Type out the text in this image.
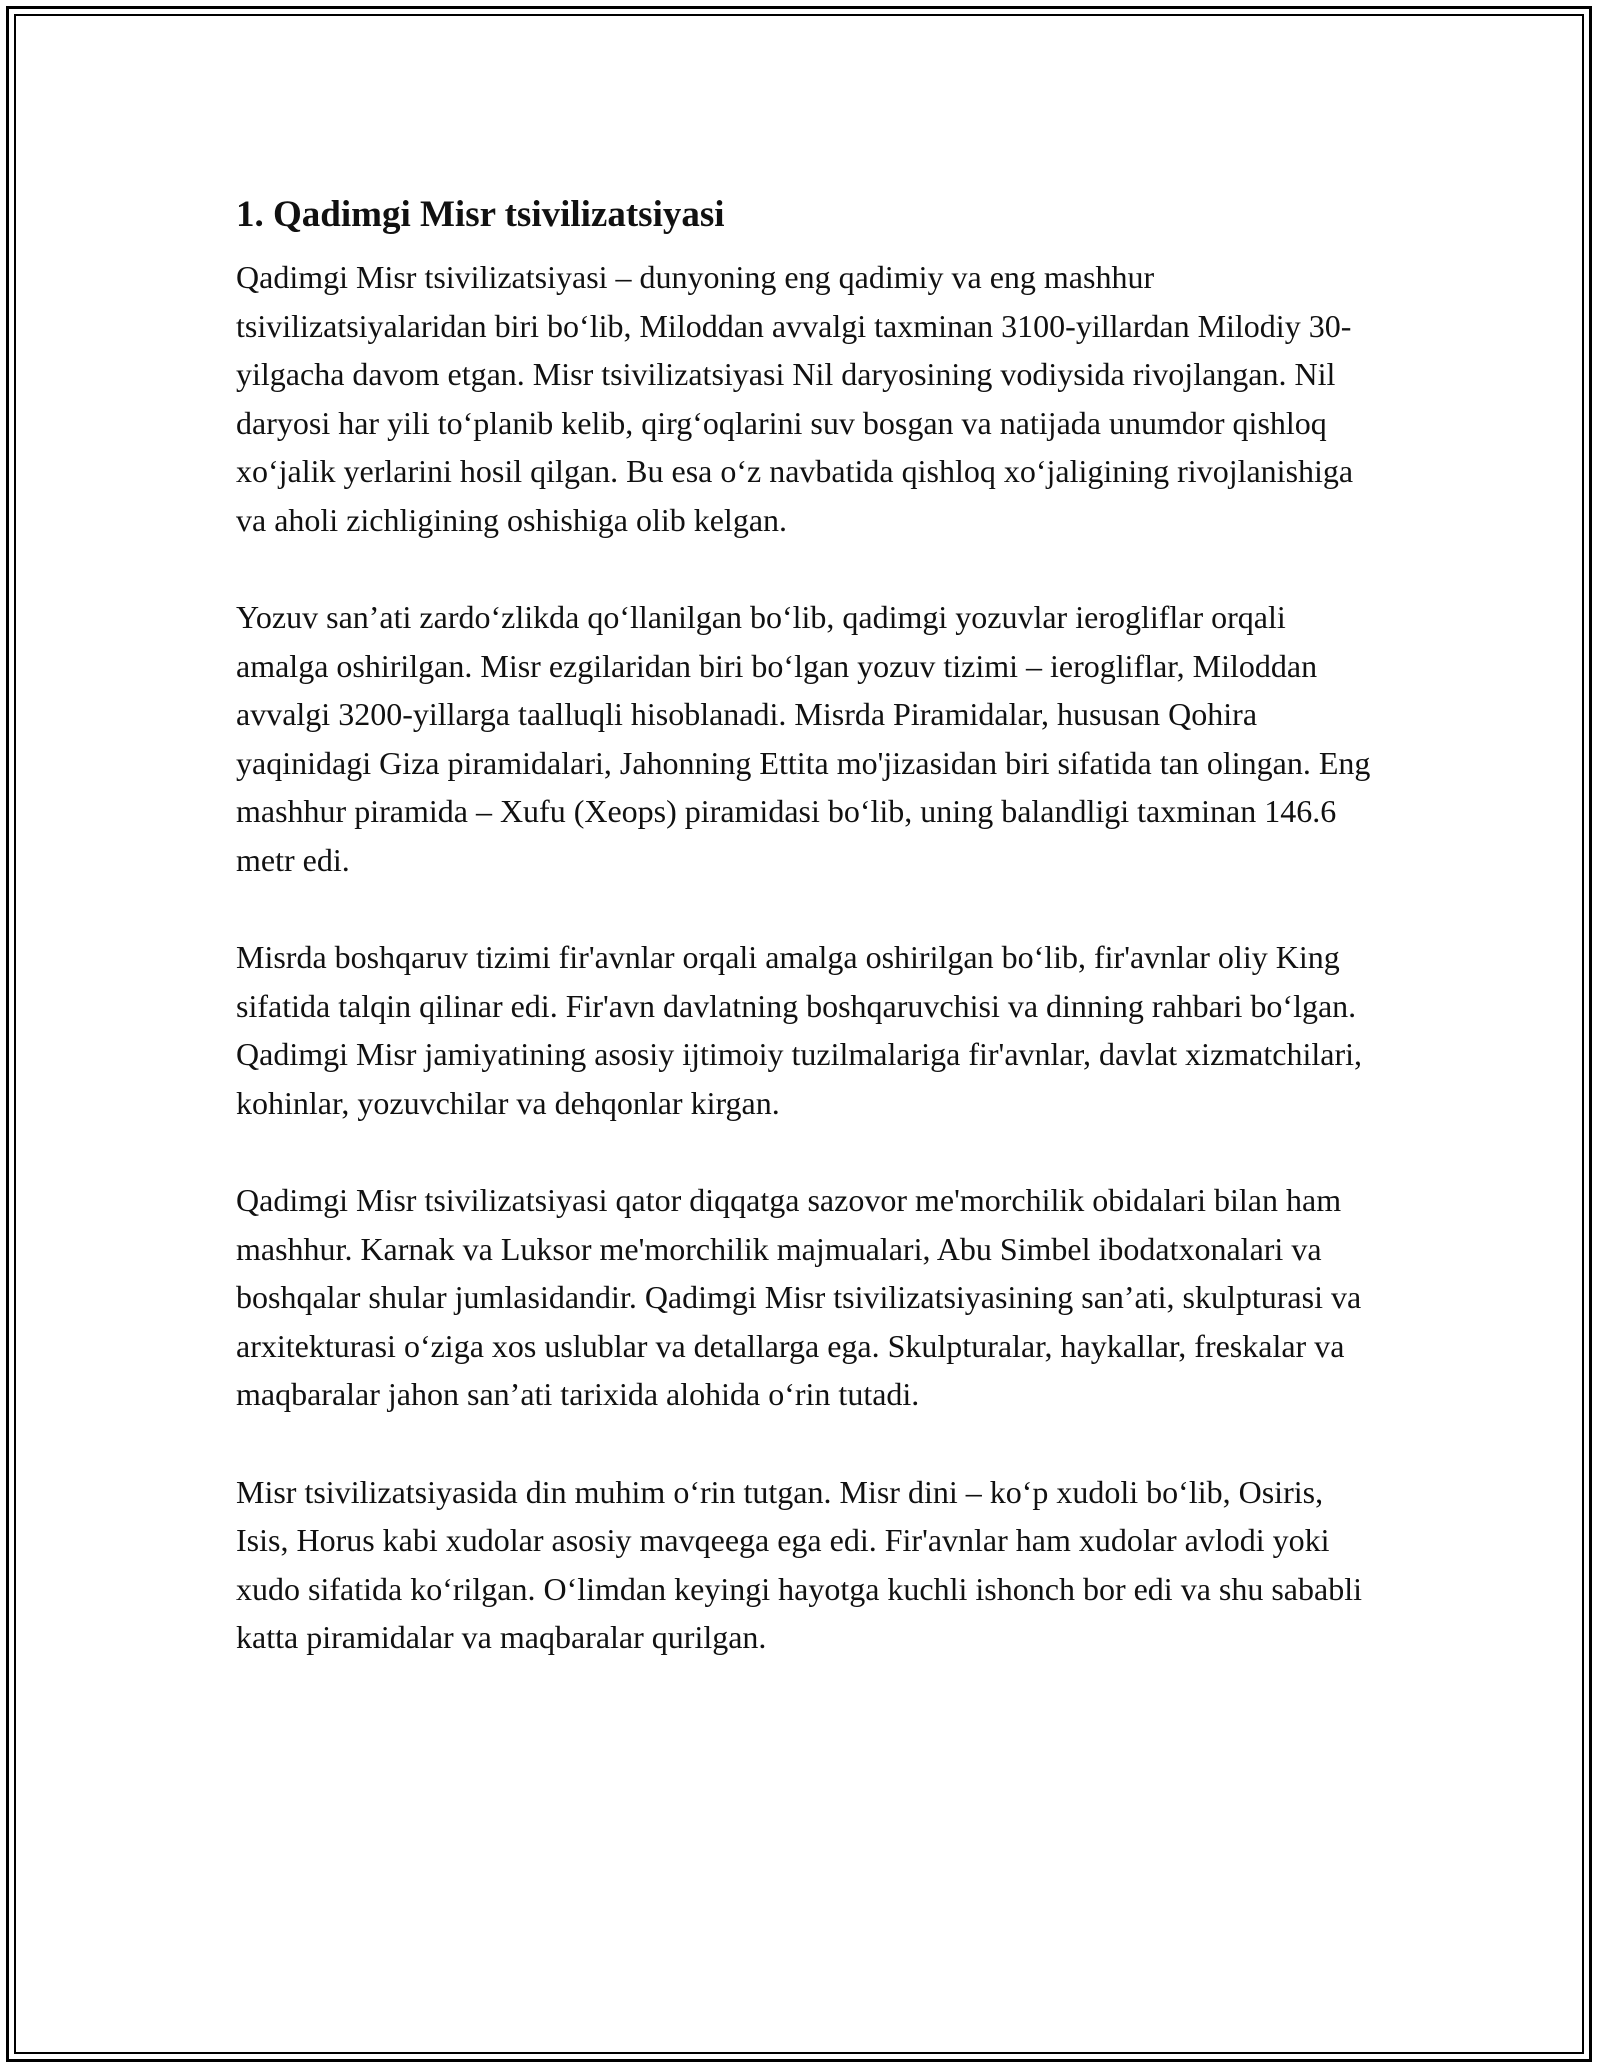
1. Qadimgi Misr tsivilizatsiyasi

Qadimgi Misr tsivilizatsiyasi – dunyoning eng qadimiy va eng mashhur tsivilizatsiyalaridan biri bo‘lib, Miloddan avvalgi taxminan 3100-yillardan Milodiy 30-yilgacha davom etgan. Misr tsivilizatsiyasi Nil daryosining vodiysida rivojlangan. Nil daryosi har yili to‘planib kelib, qirg‘oqlarini suv bosgan va natijada unumdor qishloq xo‘jalik yerlarini hosil qilgan. Bu esa o‘z navbatida qishloq xo‘jaligining rivojlanishiga va aholi zichligining oshishiga olib kelgan.

Yozuv san’ati zardo‘zlikda qo‘llanilgan bo‘lib, qadimgi yozuvlar ierogliflar orqali amalga oshirilgan. Misr ezgilaridan biri bo‘lgan yozuv tizimi – ierogliflar, Miloddan avvalgi 3200-yillarga taalluqli hisoblanadi. Misrda Piramidalar, hususan Qohira yaqinidagi Giza piramidalari, Jahonning Ettita mo'jizasidan biri sifatida tan olingan. Eng mashhur piramida – Xufu (Xeops) piramidasi bo‘lib, uning balandligi taxminan 146.6 metr edi.

Misrda boshqaruv tizimi fir'avnlar orqali amalga oshirilgan bo‘lib, fir'avnlar oliy King sifatida talqin qilinar edi. Fir'avn davlatning boshqaruvchisi va dinning rahbari bo‘lgan. Qadimgi Misr jamiyatining asosiy ijtimoiy tuzilmalariga fir'avnlar, davlat xizmatchilari, kohinlar, yozuvchilar va dehqonlar kirgan.

Qadimgi Misr tsivilizatsiyasi qator diqqatga sazovor me'morchilik obidalari bilan ham mashhur. Karnak va Luksor me'morchilik majmualari, Abu Simbel ibodatxonalari va boshqalar shular jumlasidandir. Qadimgi Misr tsivilizatsiyasining san’ati, skulpturasi va arxitekturasi o‘ziga xos uslublar va detallarga ega. Skulpturalar, haykallar, freskalar va maqbaralar jahon san’ati tarixida alohida o‘rin tutadi.

Misr tsivilizatsiyasida din muhim o‘rin tutgan. Misr dini – ko‘p xudoli bo‘lib, Osiris, Isis, Horus kabi xudolar asosiy mavqeega ega edi. Fir'avnlar ham xudolar avlodi yoki xudo sifatida ko‘rilgan. O‘limdan keyingi hayotga kuchli ishonch bor edi va shu sababli katta piramidalar va maqbaralar qurilgan.
